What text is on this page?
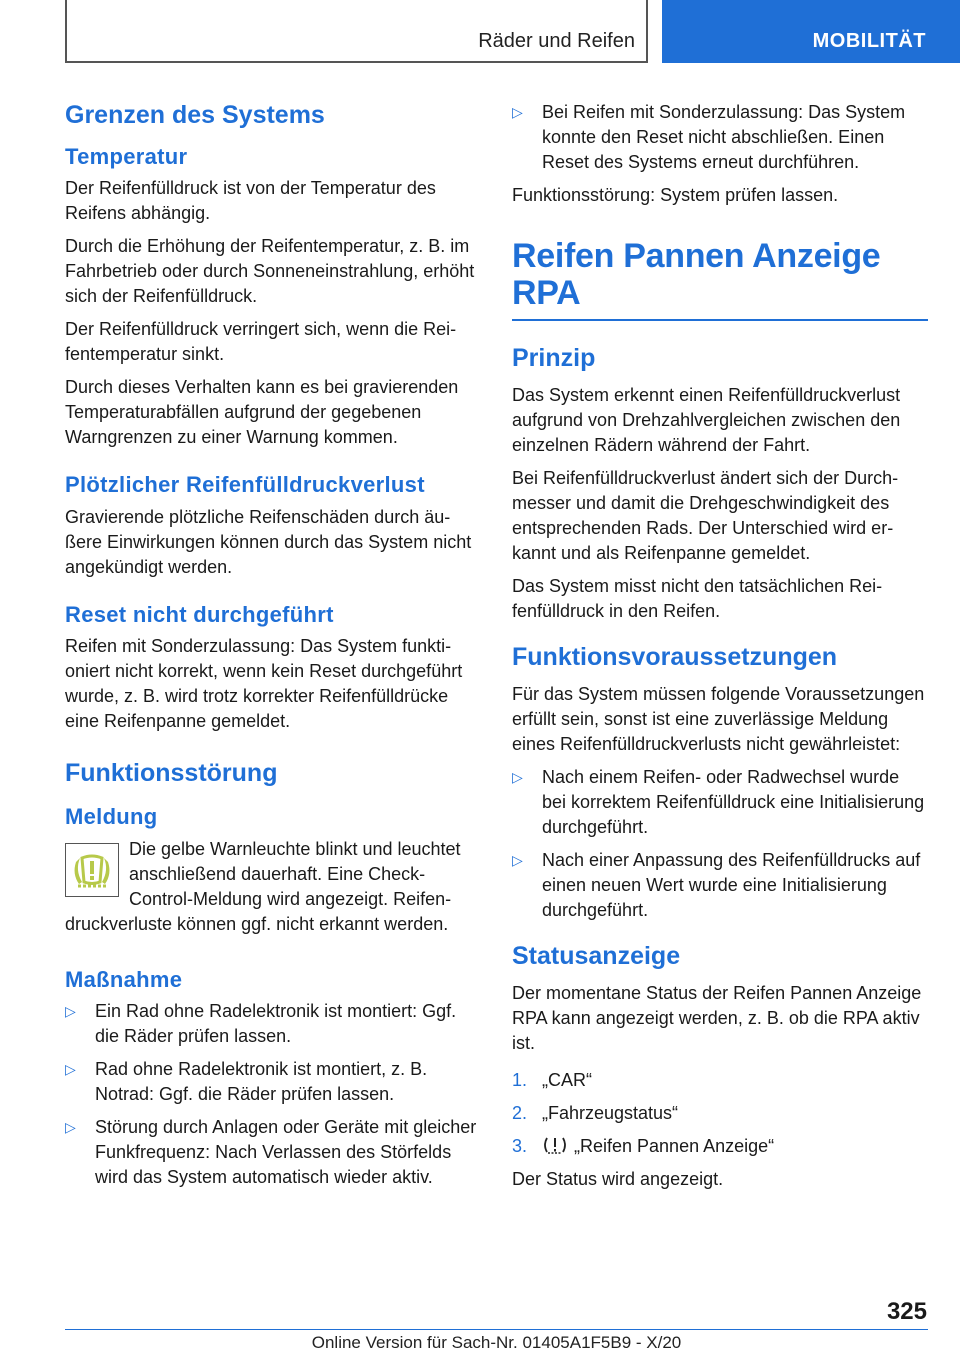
Räder und Reifen	MOBILITÄT
Grenzen des Systems
Temperatur

Der Reifenfülldruck ist von der Temperatur des Reifens abhängig.

Durch die Erhöhung der Reifentemperatur, z. B. im Fahrbetrieb oder durch Sonneneinstrahlung, erhöht sich der Reifenfülldruck.

Der Reifenfülldruck verringert sich, wenn die Reifentemperatur sinkt.

Durch dieses Verhalten kann es bei gravierenden Temperaturabfällen aufgrund der gegebenen Warngrenzen zu einer Warnung kommen.

Plötzlicher Reifenfülldruckverlust

Gravierende plötzliche Reifenschäden durch äußere Einwirkungen können durch das System nicht angekündigt werden.

Reset nicht durchgeführt

Reifen mit Sonderzulassung: Das System funktioniert nicht korrekt, wenn kein Reset durchgeführt wurde, z. B. wird trotz korrekter Reifenfülldrücke eine Reifenpanne gemeldet.

Funktionsstörung
Meldung

Die gelbe Warnleuchte blinkt und leuchtet anschließend dauerhaft. Eine Check-Control-Meldung wird angezeigt. Reifendruckverluste können ggf. nicht erkannt werden.

Maßnahme
▷ Ein Rad ohne Radelektronik ist montiert: Ggf. die Räder prüfen lassen.
▷ Rad ohne Radelektronik ist montiert, z. B. Notrad: Ggf. die Räder prüfen lassen.
▷ Störung durch Anlagen oder Geräte mit gleicher Funkfrequenz: Nach Verlassen des Störfelds wird das System automatisch wieder aktiv.
▷ Bei Reifen mit Sonderzulassung: Das System konnte den Reset nicht abschließen. Einen Reset des Systems erneut durchführen.

Funktionsstörung: System prüfen lassen.

Reifen Pannen Anzeige RPA
Prinzip

Das System erkennt einen Reifenfülldruckverlust aufgrund von Drehzahlvergleichen zwischen den einzelnen Rädern während der Fahrt.

Bei Reifenfülldruckverlust ändert sich der Durchmesser und damit die Drehgeschwindigkeit des entsprechenden Rads. Der Unterschied wird erkannt und als Reifenpanne gemeldet.

Das System misst nicht den tatsächlichen Reifenfülldruck in den Reifen.

Funktionsvoraussetzungen

Für das System müssen folgende Voraussetzungen erfüllt sein, sonst ist eine zuverlässige Meldung eines Reifenfülldruckverlusts nicht gewährleistet:

▷ Nach einem Reifen- oder Radwechsel wurde bei korrektem Reifenfülldruck eine Initialisierung durchgeführt.
▷ Nach einer Anpassung des Reifenfülldrucks auf einen neuen Wert wurde eine Initialisierung durchgeführt.
Statusanzeige

Der momentane Status der Reifen Pannen Anzeige RPA kann angezeigt werden, z. B. ob die RPA aktiv ist.

1. „CAR“
2. „Fahrzeugstatus“
3.	„Reifen Pannen Anzeige“

Der Status wird angezeigt.

325
Online Version für Sach-Nr. 01405A1F5B9 - X/20
